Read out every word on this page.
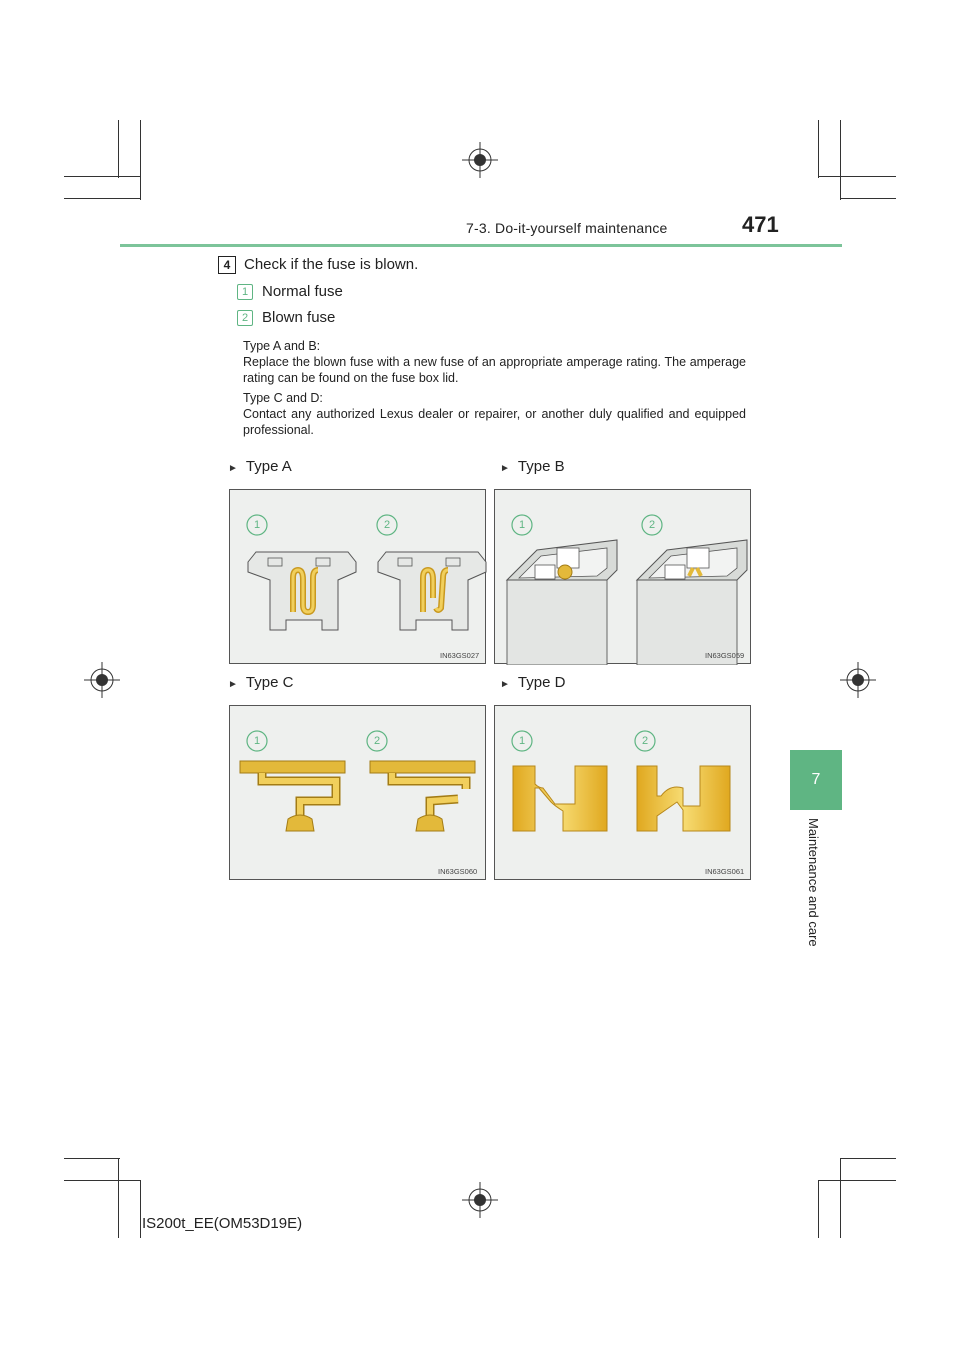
7-3. Do-it-yourself maintenance	471
7
Maintenance and care
4 Check if the fuse is blown.
1 Normal fuse
2 Blown fuse
Type A and B:
Replace the blown fuse with a new fuse of an appropriate amperage rating. The amperage rating can be found on the fuse box lid.
Type C and D:
Contact any authorized Lexus dealer or repairer, or another duly qualified and equipped professional.
► Type A	► Type B
► Type C	► Type D
1	2
IN63GS027
1	2
IN63GS059
1	2
IN63GS060
1	2
IN63GS061
IS200t_EE(OM53D19E)
